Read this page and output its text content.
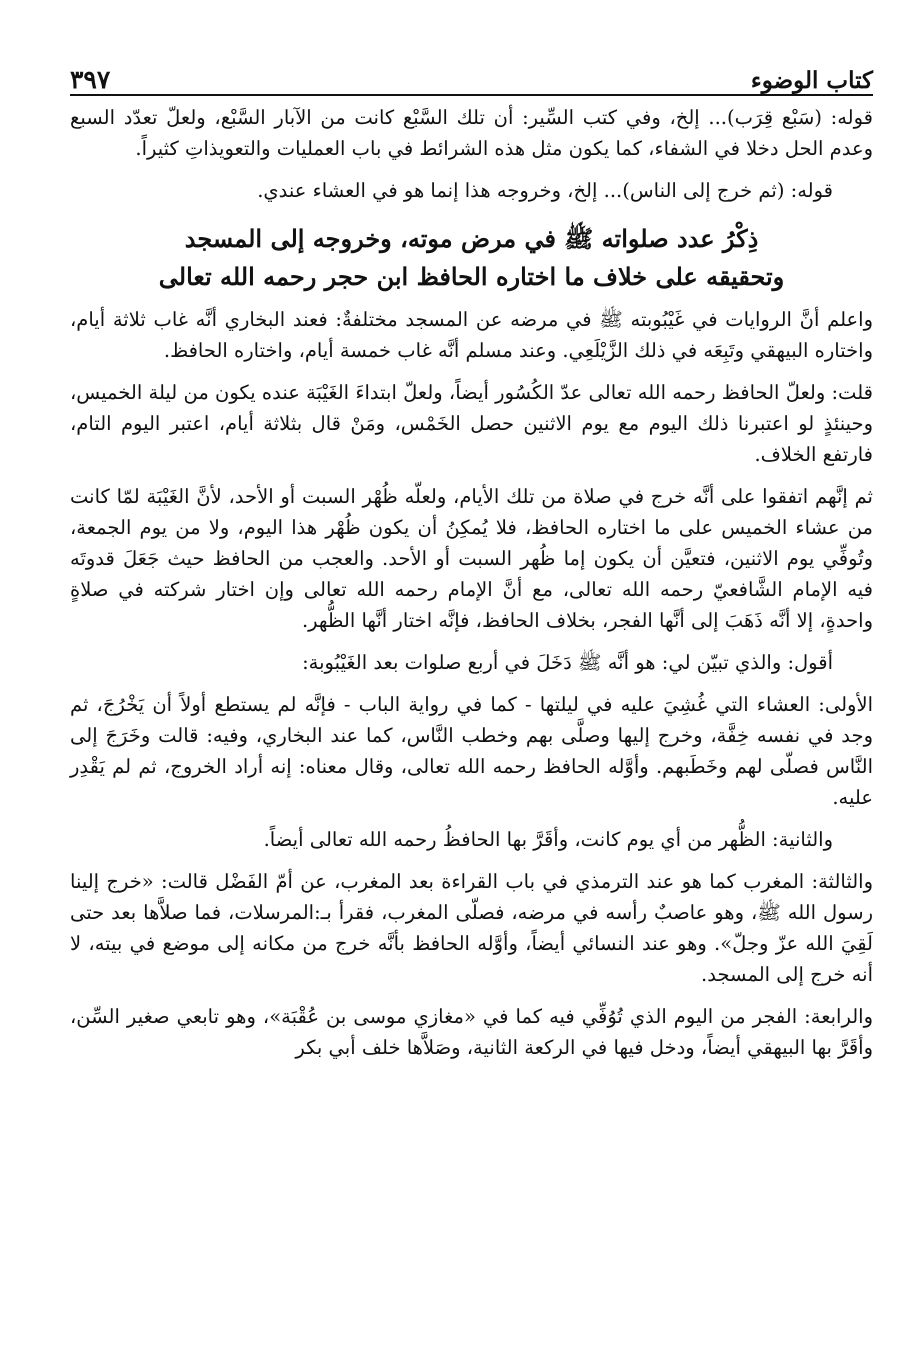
كتاب الوضوء
٣٩٧

قوله: (سَبْع قِرَب)... إلخ، وفي كتب السِّير: أن تلك السَّبْع كانت من الآبار السَّبْع، ولعلّ تعدّد السبع وعدم الحل دخلا في الشفاء، كما يكون مثل هذه الشرائط في باب العمليات والتعويذاتِ كثيراً.

قوله: (ثم خرج إلى الناس)... إلخ، وخروجه هذا إنما هو في العشاء عندي.

ذِكْرُ عدد صلواته ﷺ في مرض موته، وخروجه إلى المسجد
وتحقيقه على خلاف ما اختاره الحافظ ابن حجر رحمه الله تعالى

واعلم أنَّ الروايات في غَيْبُوبته ﷺ في مرضه عن المسجد مختلفةٌ: فعند البخاري أنَّه غاب ثلاثة أيام، واختاره البيهقي وتَبِعَه في ذلك الزَّيْلَعِي. وعند مسلم أنَّه غاب خمسة أيام، واختاره الحافظ.

قلت: ولعلّ الحافظ رحمه الله تعالى عدّ الكُسُور أيضاً، ولعلّ ابتداءَ الغَيْبَة عنده يكون من ليلة الخميس، وحينئذٍ لو اعتبرنا ذلك اليوم مع يوم الاثنين حصل الخَمْس، ومَنْ قال بثلاثة أيام، اعتبر اليوم التام، فارتفع الخلاف.

ثم إنَّهم اتفقوا على أنَّه خرج في صلاة من تلك الأيام، ولعلّه ظُهْر السبت أو الأحد، لأنَّ الغَيْبَة لمّا كانت من عشاء الخميس على ما اختاره الحافظ، فلا يُمكِنُ أن يكون ظُهْر هذا اليوم، ولا من يوم الجمعة، وتُوفِّي يوم الاثنين، فتعيَّن أن يكون إما ظُهر السبت أو الأحد. والعجب من الحافظ حيث جَعَلَ قدوتَه فيه الإمام الشَّافعيّ رحمه الله تعالى، مع أنَّ الإمام رحمه الله تعالى وإن اختار شركته في صلاةٍ واحدةٍ، إلا أنَّه ذَهَبَ إلى أنَّها الفجر، بخلاف الحافظ، فإنَّه اختار أنَّها الظُّهر.

أقول: والذي تبيّن لي: هو أنَّه ﷺ دَخَلَ في أربع صلوات بعد الغَيْبُوبة:

الأولى: العشاء التي غُشِيَ عليه في ليلتها - كما في رواية الباب - فإنَّه لم يستطع أولاً أن يَخْرُجَ، ثم وجد في نفسه خِفَّة، وخرج إليها وصلَّى بهم وخطب النَّاس، كما عند البخاري، وفيه: قالت وخَرَجَ إلى النَّاس فصلّى لهم وخَطَبهم. وأوَّله الحافظ رحمه الله تعالى، وقال معناه: إنه أراد الخروج، ثم لم يَقْدِر عليه.

والثانية: الظُّهر من أي يوم كانت، وأقَرَّ بها الحافظُ رحمه الله تعالى أيضاً.

والثالثة: المغرب كما هو عند الترمذي في باب القراءة بعد المغرب، عن أمّ الفَضْل قالت: «خرج إلينا رسول الله ﷺ، وهو عاصبٌ رأسه في مرضه، فصلّى المغرب، فقرأ بـ:المرسلات، فما صلاَّها بعد حتى لَقِيَ الله عزّ وجلّ». وهو عند النسائي أيضاً، وأوَّله الحافظ بأنَّه خرج من مكانه إلى موضع في بيته، لا أنه خرج إلى المسجد.

والرابعة: الفجر من اليوم الذي تُوُفِّي فيه كما في «مغازي موسى بن عُقْبَة»، وهو تابعي صغير السِّن، وأقَرَّ بها البيهقي أيضاً، ودخل فيها في الركعة الثانية، وصَلاَّها خلف أبي بكر
